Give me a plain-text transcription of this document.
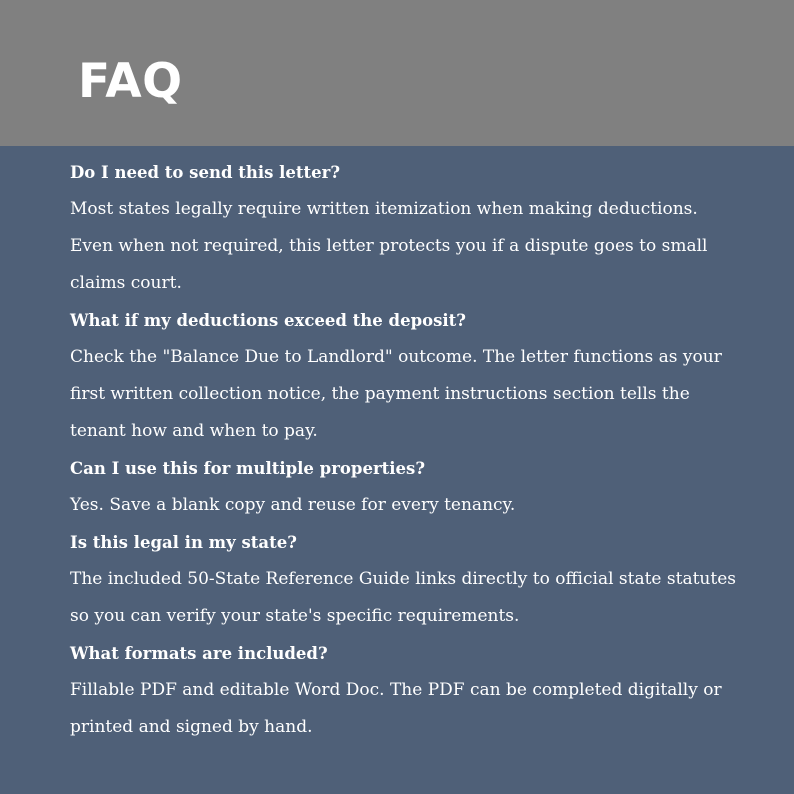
FAQ

Do I need to send this letter?

Most states legally require written itemization when making deductions.
Even when not required, this letter protects you if a dispute goes to small
claims court.

What if my deductions exceed the deposit?

Check the "Balance Due to Landlord" outcome. The letter functions as your
first written collection notice, the payment instructions section tells the
tenant how and when to pay.

Can I use this for multiple properties?

Yes. Save a blank copy and reuse for every tenancy.

Is this legal in my state?

The included 50-State Reference Guide links directly to official state statutes
so you can verify your state's specific requirements.

What formats are included?

Fillable PDF and editable Word Doc. The PDF can be completed digitally or
printed and signed by hand.
